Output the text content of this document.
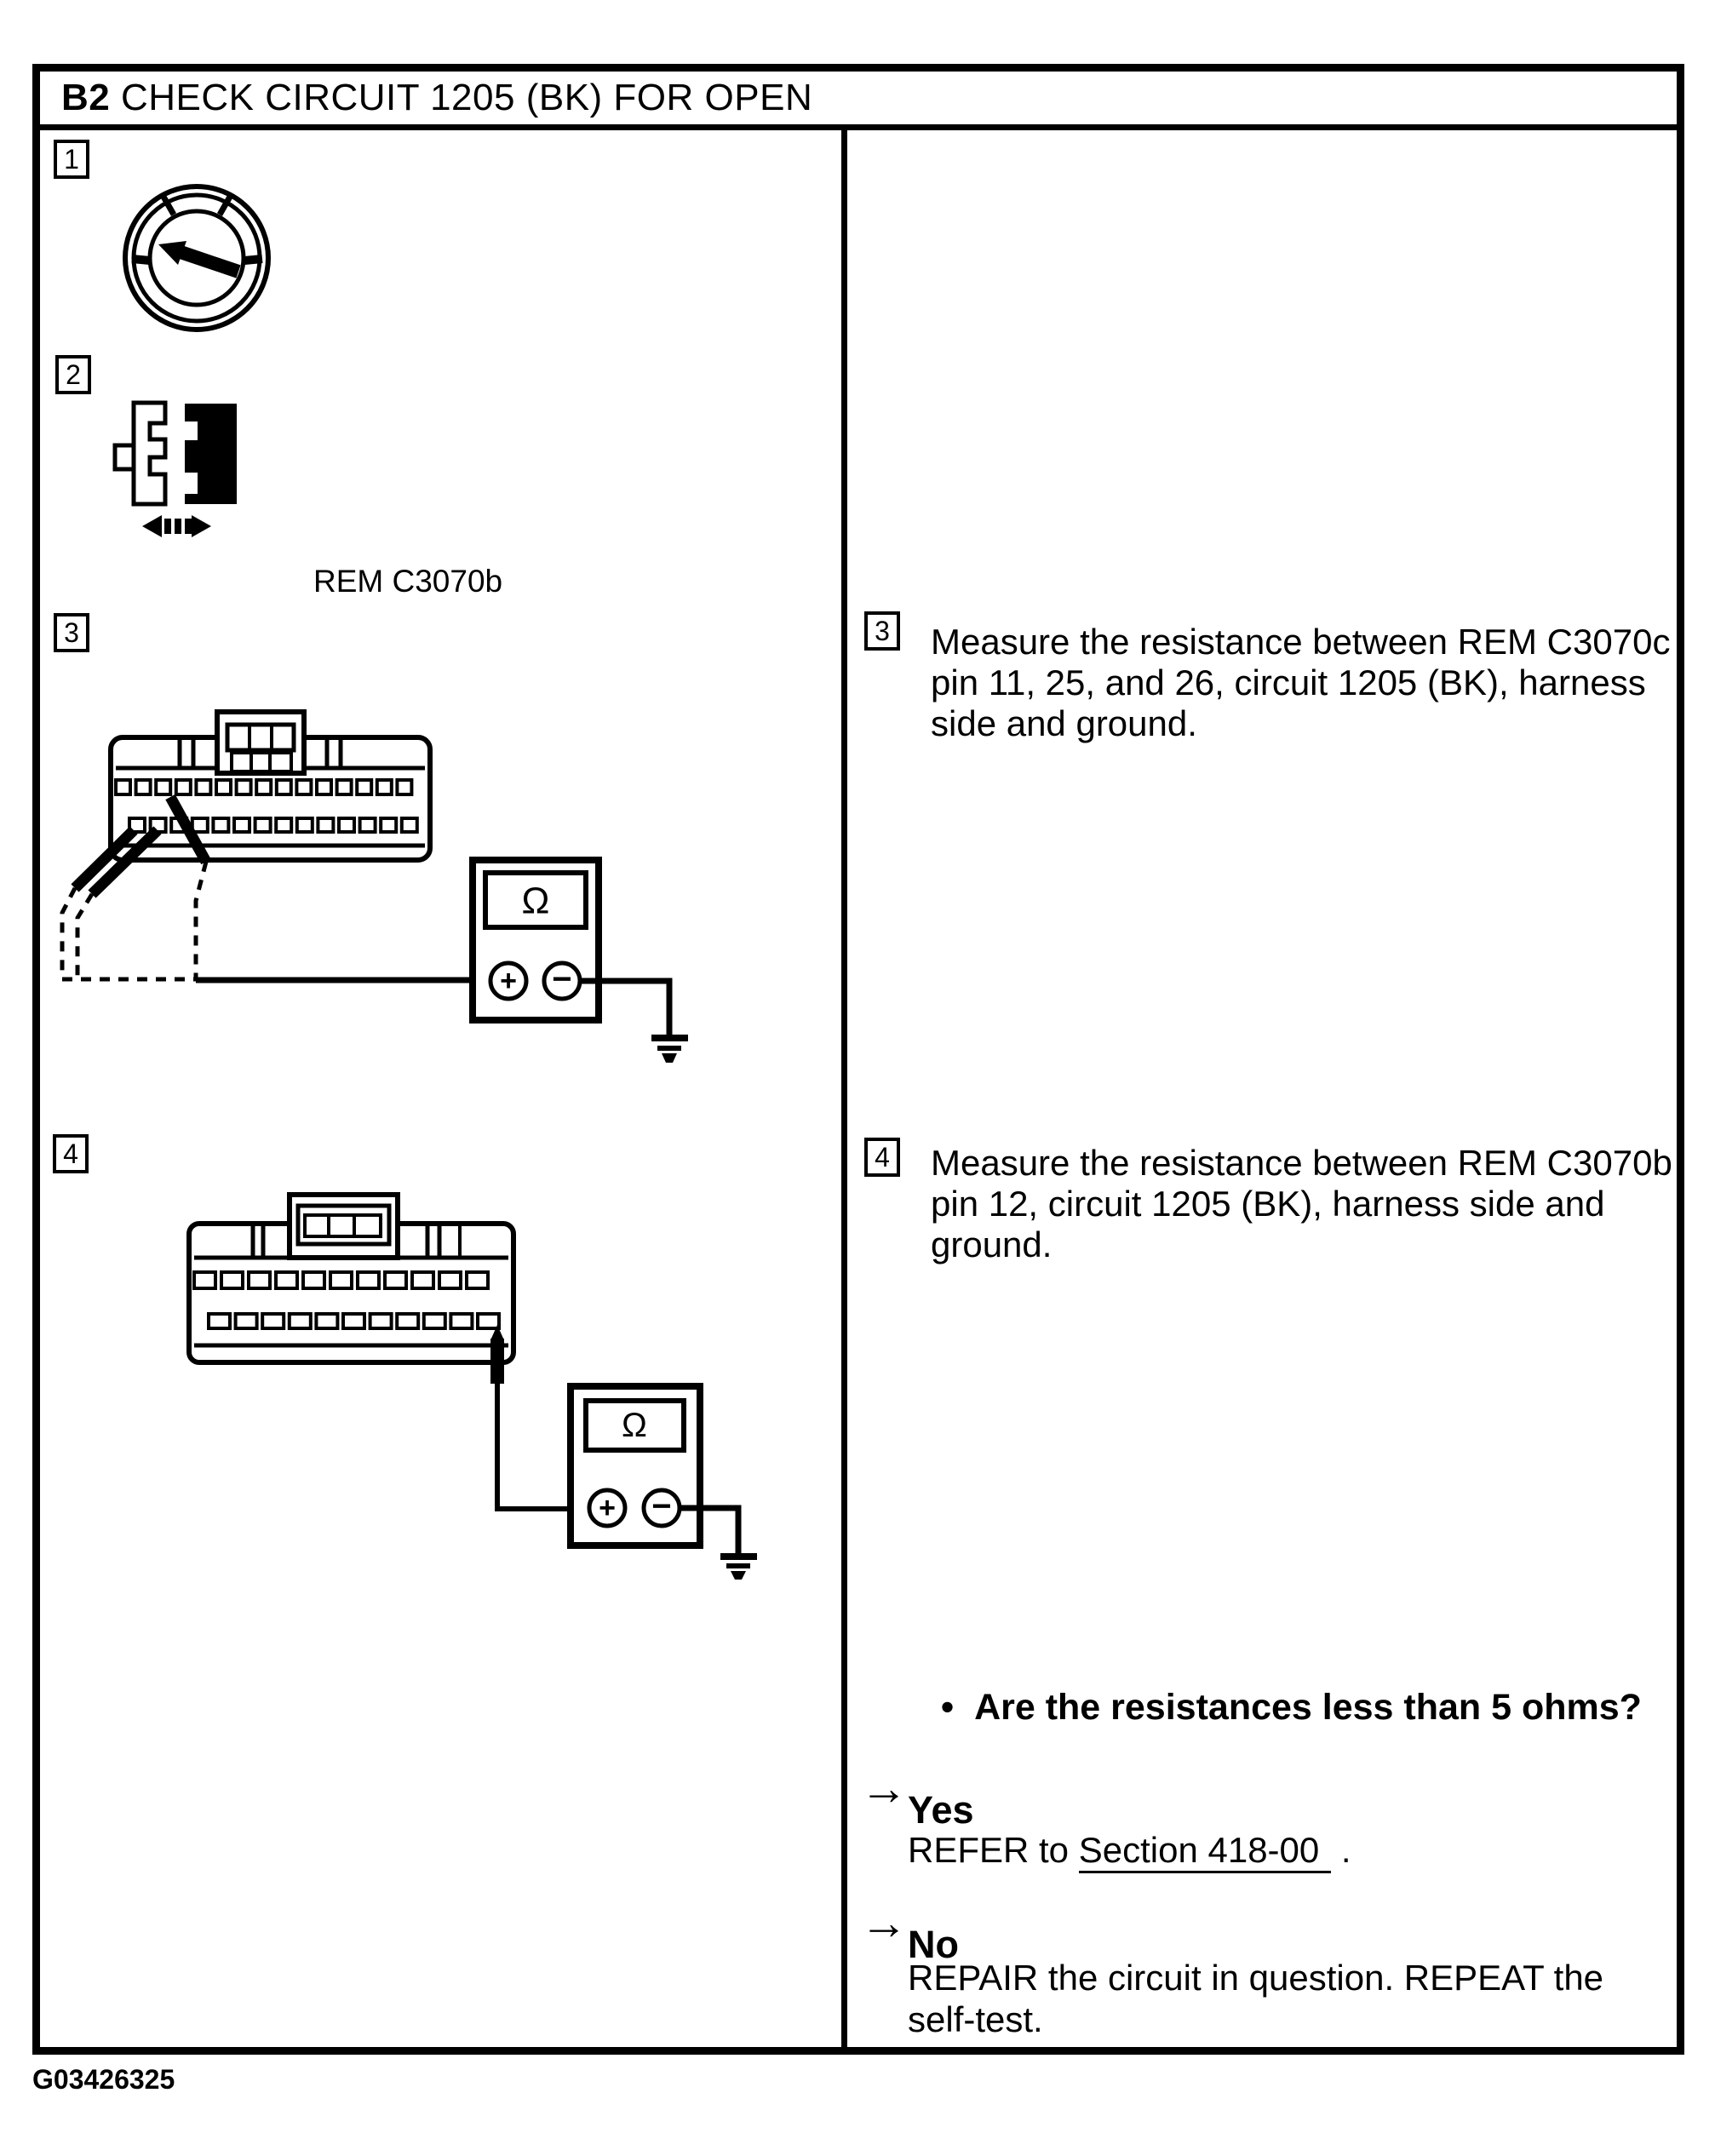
B2 CHECK CIRCUIT 1205 (BK) FOR OPEN
1
2
REM C3070b
3
Ω
+ −
4
Ω
+ −
3 Measure the resistance between REM C3070c
pin 11, 25, and 26, circuit 1205 (BK), harness
side and ground.
4 Measure the resistance between REM C3070b
pin 12, circuit 1205 (BK), harness side and
ground.
• Are the resistances less than 5 ohms?
→ Yes
REFER to Section 418-00 .
→ No
REPAIR the circuit in question. REPEAT the
self-test.
G03426325
